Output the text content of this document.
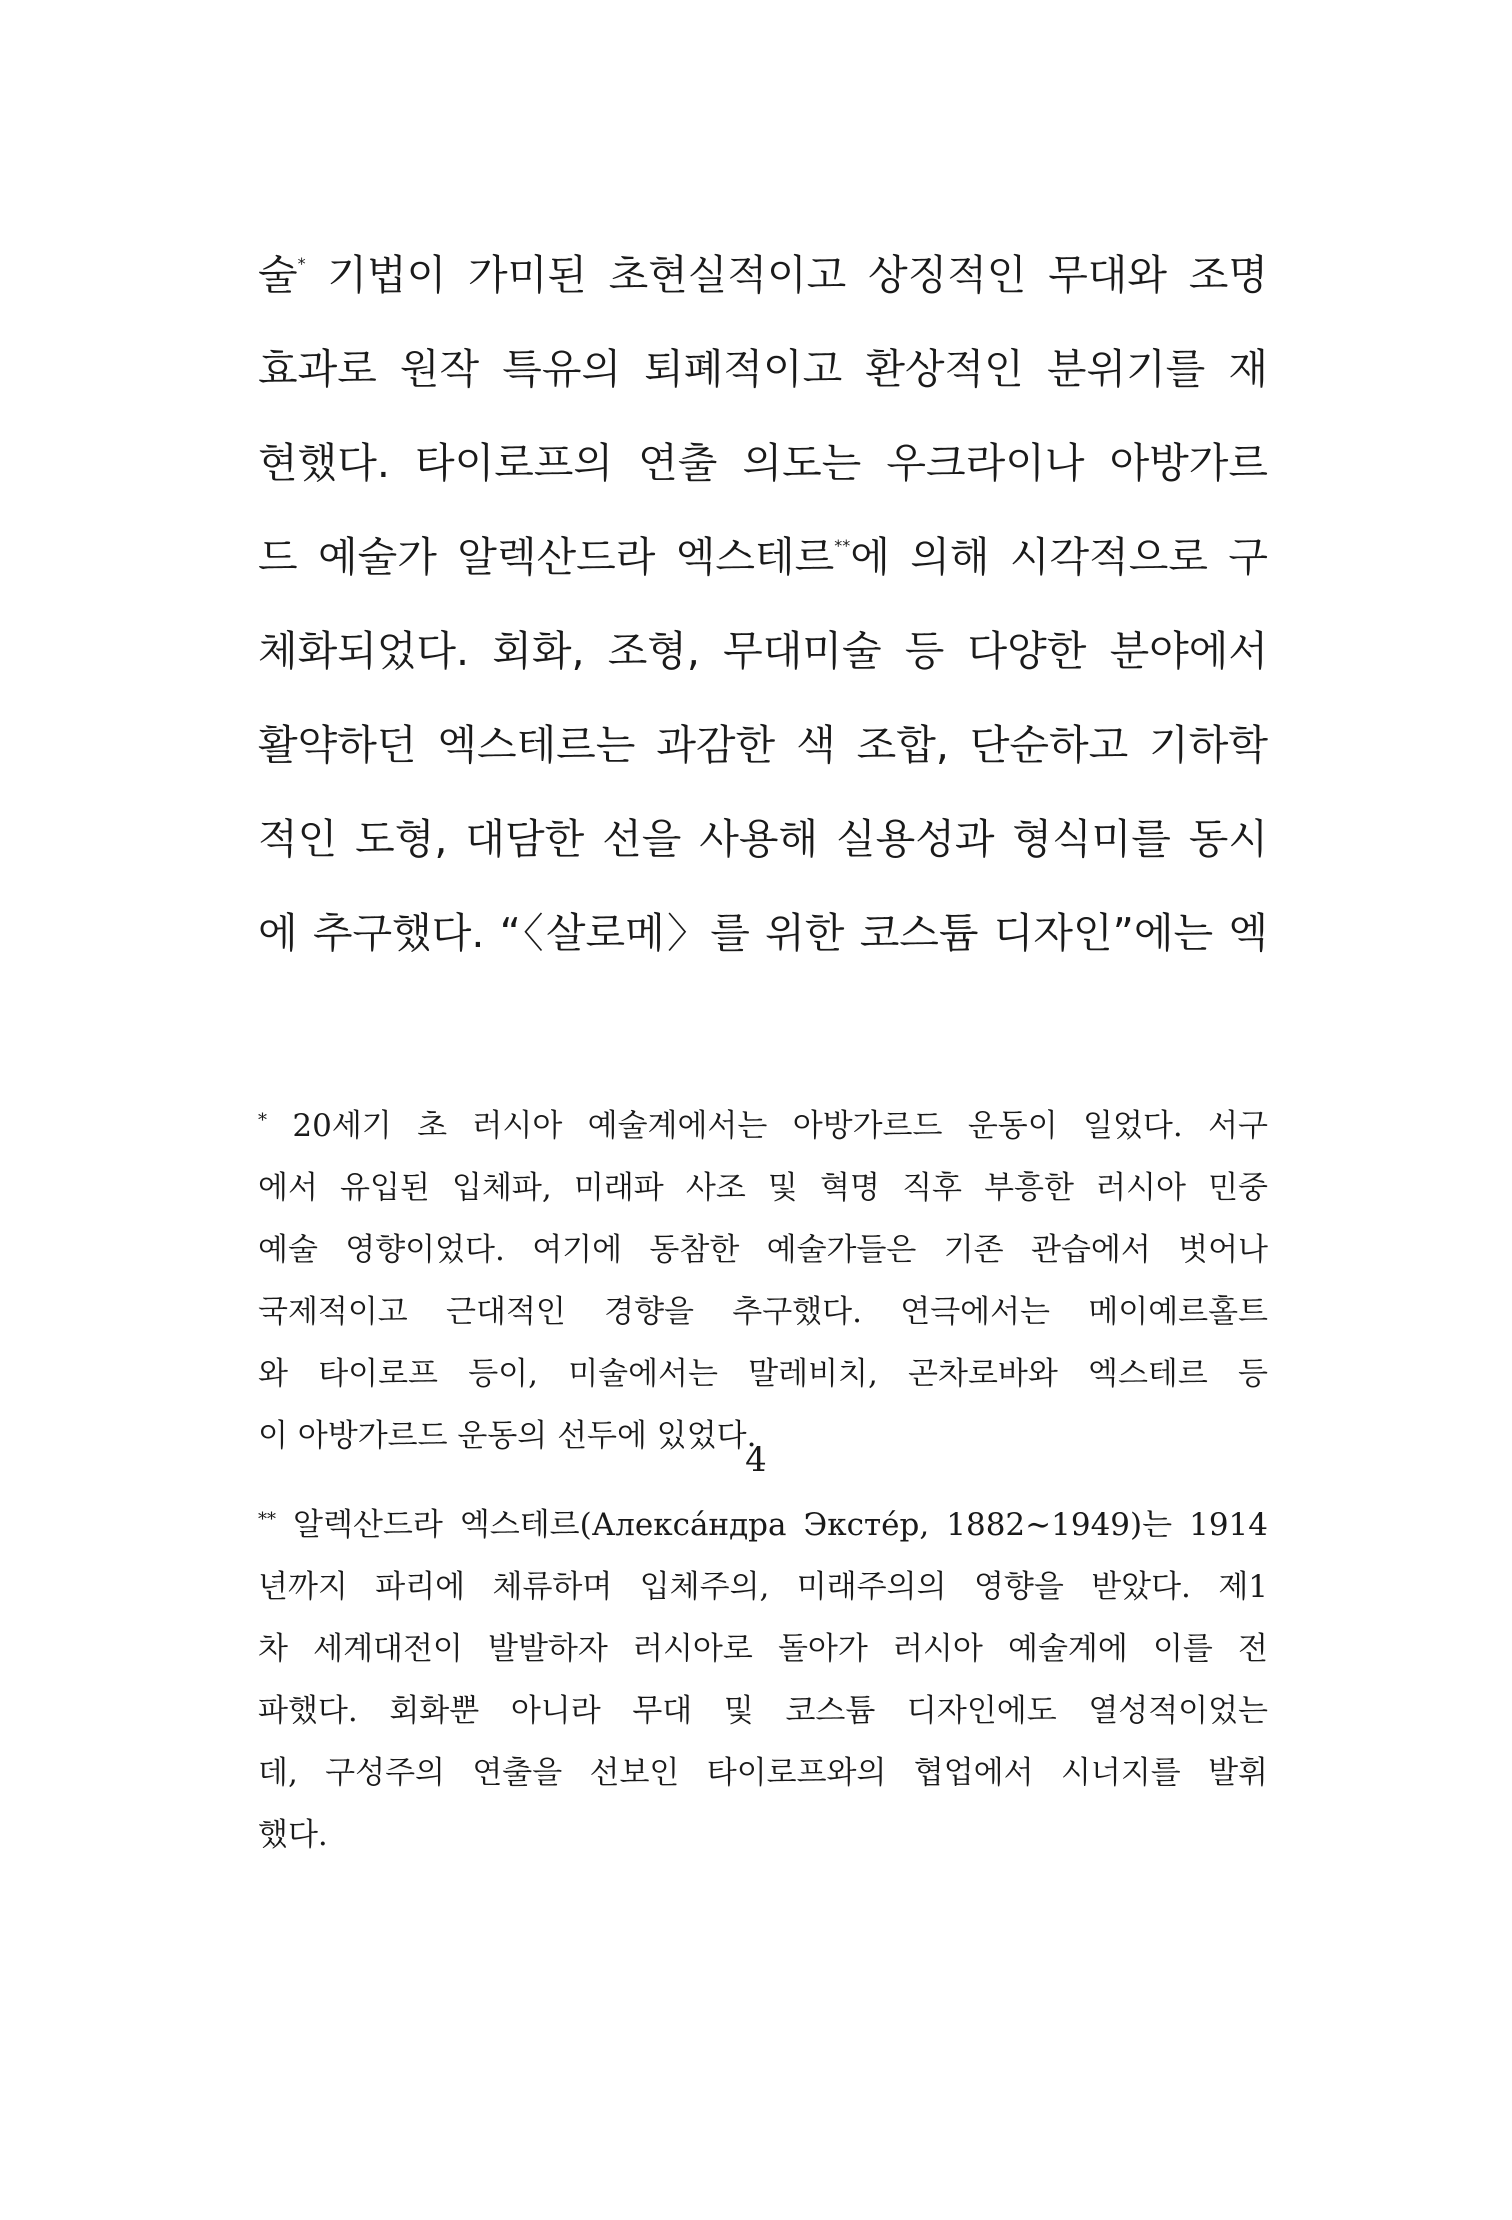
술* 기법이 가미된 초현실적이고 상징적인 무대와 조명
효과로 원작 특유의 퇴폐적이고 환상적인 분위기를 재
현했다. 타이로프의 연출 의도는 우크라이나 아방가르
드 예술가 알렉산드라 엑스테르**에 의해 시각적으로 구
체화되었다. 회화, 조형, 무대미술 등 다양한 분야에서
활약하던 엑스테르는 과감한 색 조합, 단순하고 기하학
적인 도형, 대담한 선을 사용해 실용성과 형식미를 동시
에 추구했다. “〈살로메〉를 위한 코스튬 디자인”에는 엑
* 20세기 초 러시아 예술계에서는 아방가르드 운동이 일었다. 서구
에서 유입된 입체파, 미래파 사조 및 혁명 직후 부흥한 러시아 민중
예술 영향이었다. 여기에 동참한 예술가들은 기존 관습에서 벗어나
국제적이고 근대적인 경향을 추구했다. 연극에서는 메이예르홀트
와 타이로프 등이, 미술에서는 말레비치, 곤차로바와 엑스테르 등
이 아방가르드 운동의 선두에 있었다.
** 알렉산드라 엑스테르(Алекса́ндра Экстéр, 1882∼1949)는 1914
년까지 파리에 체류하며 입체주의, 미래주의의 영향을 받았다. 제1
차 세계대전이 발발하자 러시아로 돌아가 러시아 예술계에 이를 전
파했다. 회화뿐 아니라 무대 및 코스튬 디자인에도 열성적이었는
데, 구성주의 연출을 선보인 타이로프와의 협업에서 시너지를 발휘
했다.
4
